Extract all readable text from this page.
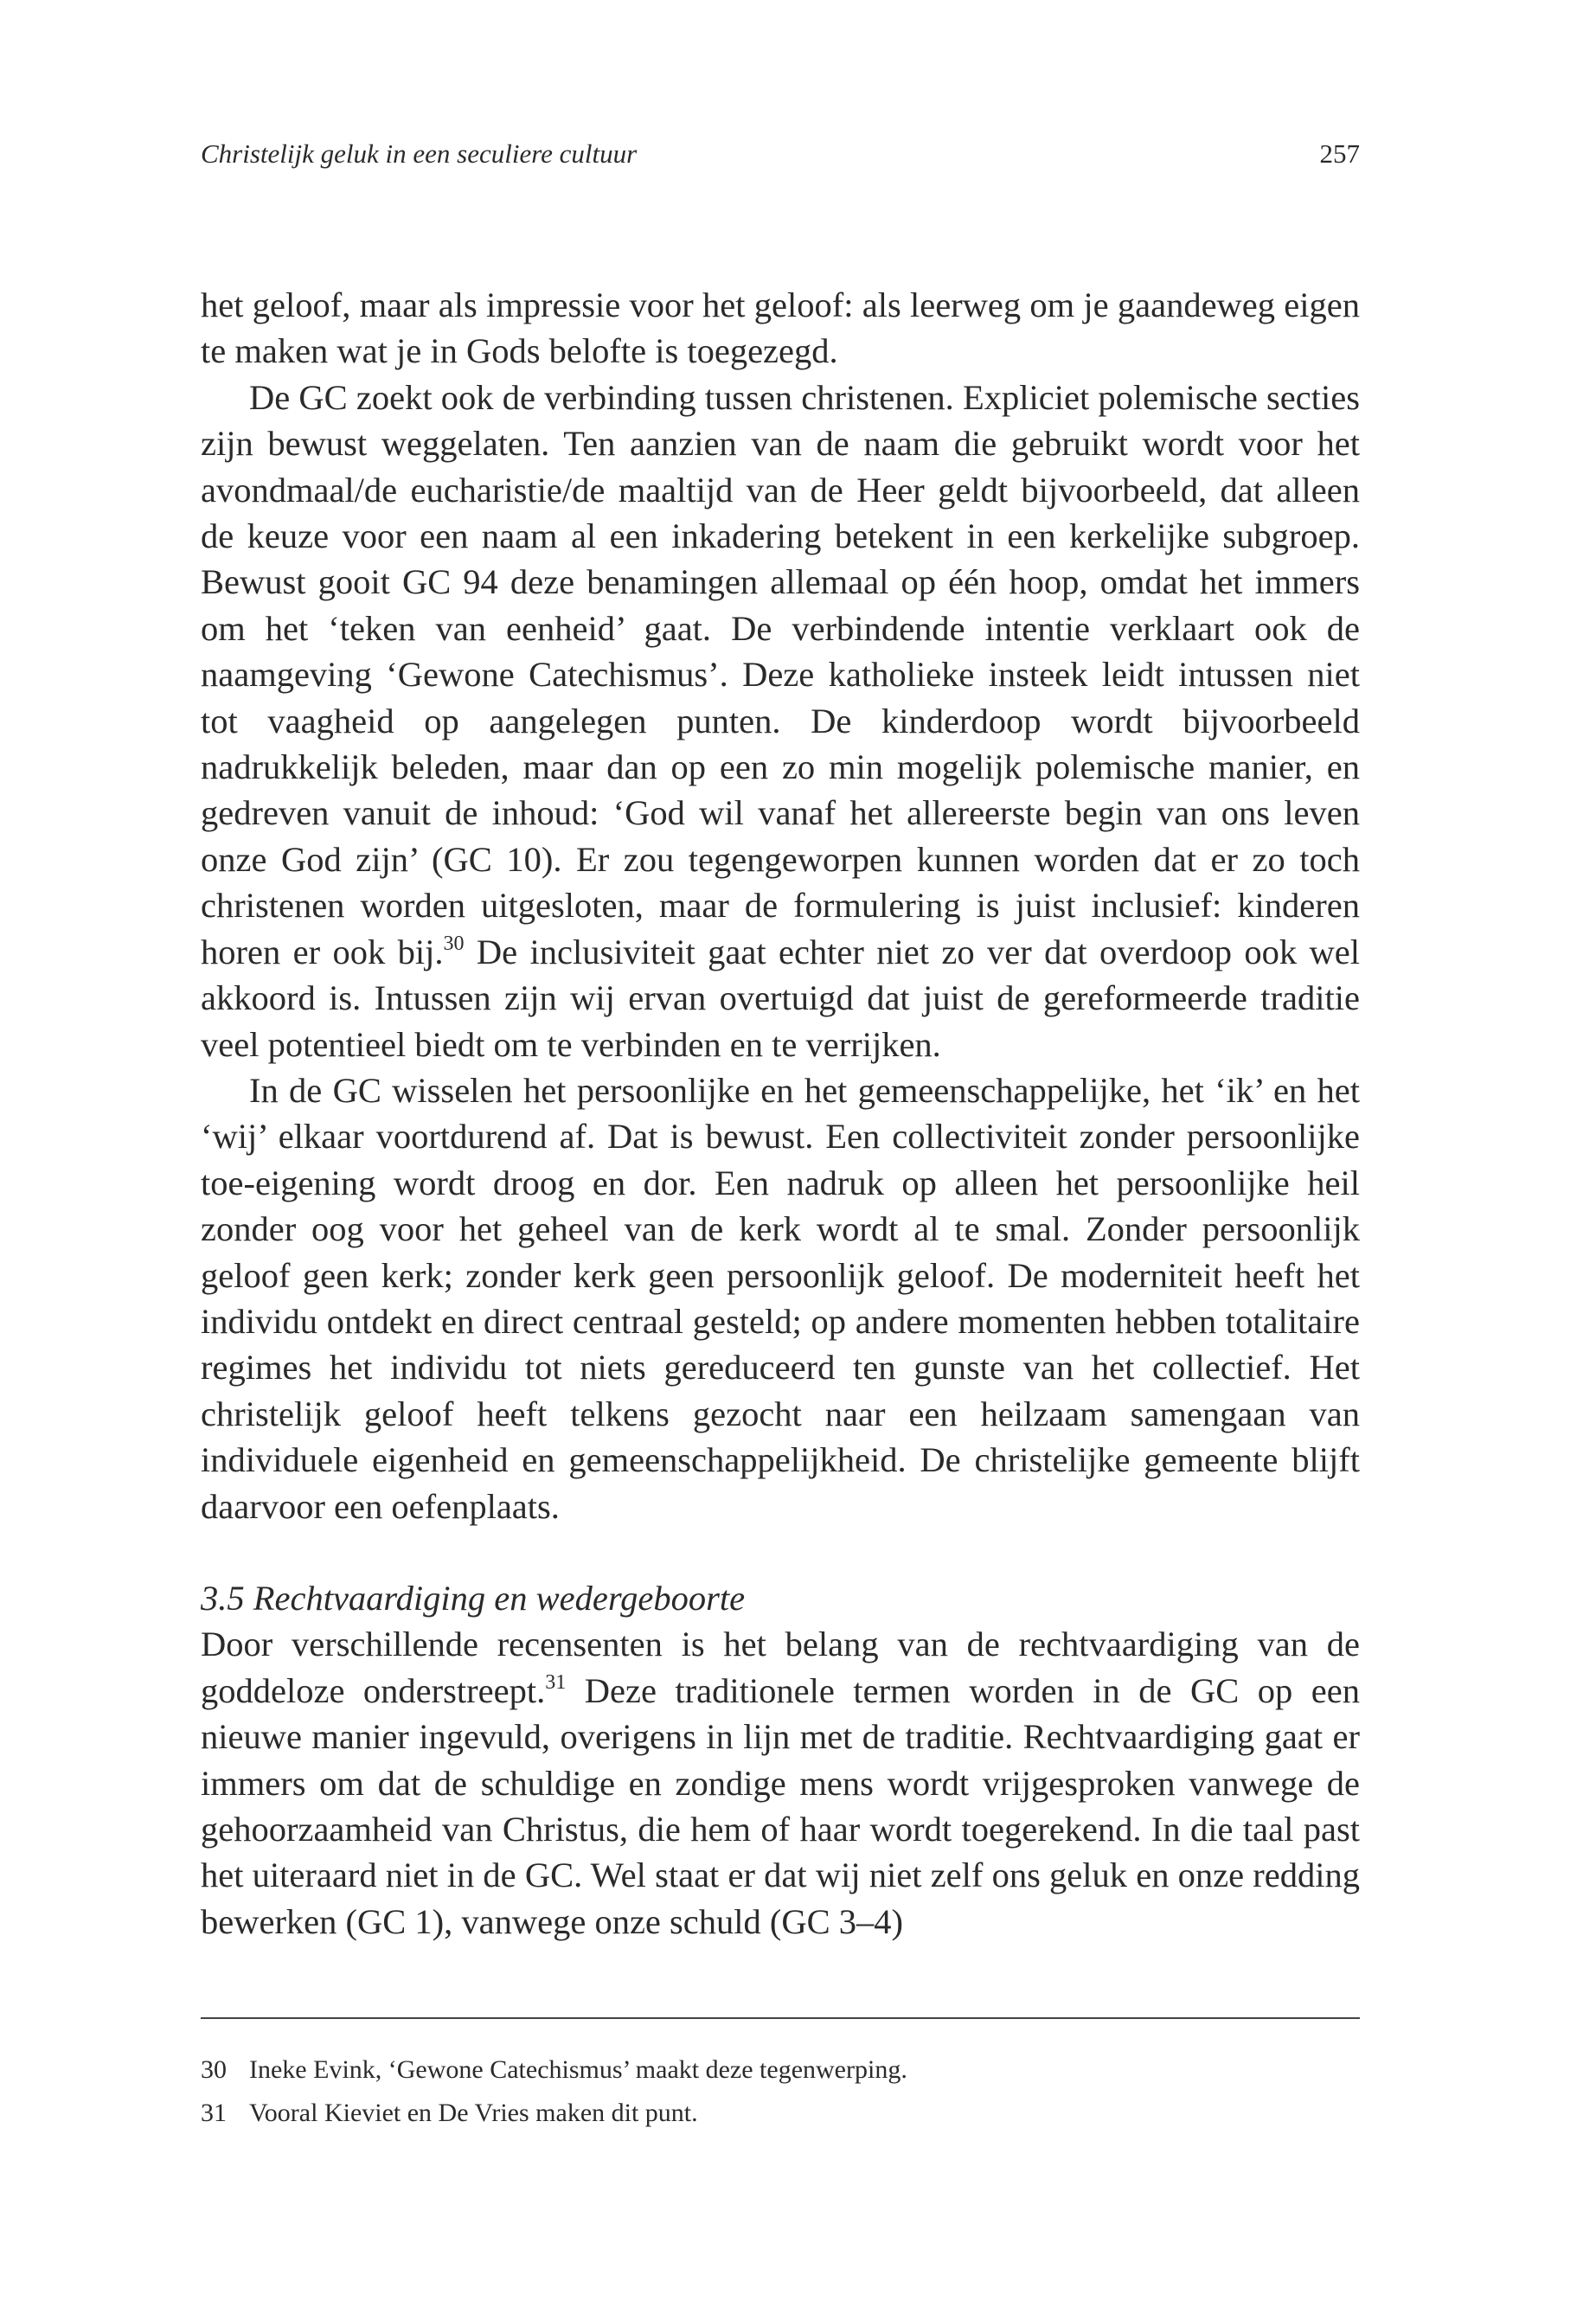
Christelijk geluk in een seculiere cultuur	257

het geloof, maar als impressie voor het geloof: als leerweg om je gaandeweg eigen te maken wat je in Gods belofte is toegezegd.

De GC zoekt ook de verbinding tussen christenen. Expliciet polemische secties zijn bewust weggelaten. Ten aanzien van de naam die gebruikt wordt voor het avondmaal/de eucharistie/de maaltijd van de Heer geldt bijvoorbeeld, dat alleen de keuze voor een naam al een inkadering betekent in een kerkelijke subgroep. Bewust gooit GC 94 deze benamingen allemaal op één hoop, omdat het immers om het ‘teken van eenheid’ gaat. De verbindende intentie verklaart ook de naamgeving ‘Gewone Catechismus’. Deze katholieke insteek leidt intussen niet tot vaagheid op aangelegen punten. De kinderdoop wordt bijvoorbeeld nadrukkelijk beleden, maar dan op een zo min mogelijk polemische manier, en gedreven vanuit de inhoud: ‘God wil vanaf het allereerste begin van ons leven onze God zijn’ (GC 10). Er zou tegengeworpen kunnen worden dat er zo toch christenen worden uitgesloten, maar de formulering is juist inclusief: kinderen horen er ook bij.$^{30}$ De inclusiviteit gaat echter niet zo ver dat overdoop ook wel akkoord is. Intussen zijn wij ervan overtuigd dat juist de gereformeerde traditie veel potentieel biedt om te verbinden en te verrijken.

In de GC wisselen het persoonlijke en het gemeenschappelijke, het ‘ik’ en het ‘wij’ elkaar voortdurend af. Dat is bewust. Een collectiviteit zonder persoonlijke toe-eigening wordt droog en dor. Een nadruk op alleen het persoonlijke heil zonder oog voor het geheel van de kerk wordt al te smal. Zonder persoonlijk geloof geen kerk; zonder kerk geen persoonlijk geloof. De moderniteit heeft het individu ontdekt en direct centraal gesteld; op andere momenten hebben totalitaire regimes het individu tot niets gereduceerd ten gunste van het collectief. Het christelijk geloof heeft telkens gezocht naar een heilzaam samengaan van individuele eigenheid en gemeenschappelijkheid. De christelijke gemeente blijft daarvoor een oefenplaats.

3.5 Rechtvaardiging en wedergeboorte

Door verschillende recensenten is het belang van de rechtvaardiging van de goddeloze onderstreept.$^{31}$ Deze traditionele termen worden in de GC op een nieuwe manier ingevuld, overigens in lijn met de traditie. Rechtvaardiging gaat er immers om dat de schuldige en zondige mens wordt vrijgesproken vanwege de gehoorzaamheid van Christus, die hem of haar wordt toegerekend. In die taal past het uiteraard niet in de GC. Wel staat er dat wij niet zelf ons geluk en onze redding bewerken (GC 1), vanwege onze schuld (GC 3–4)

30 Ineke Evink, ‘Gewone Catechismus’ maakt deze tegenwerping.

31 Vooral Kieviet en De Vries maken dit punt.
